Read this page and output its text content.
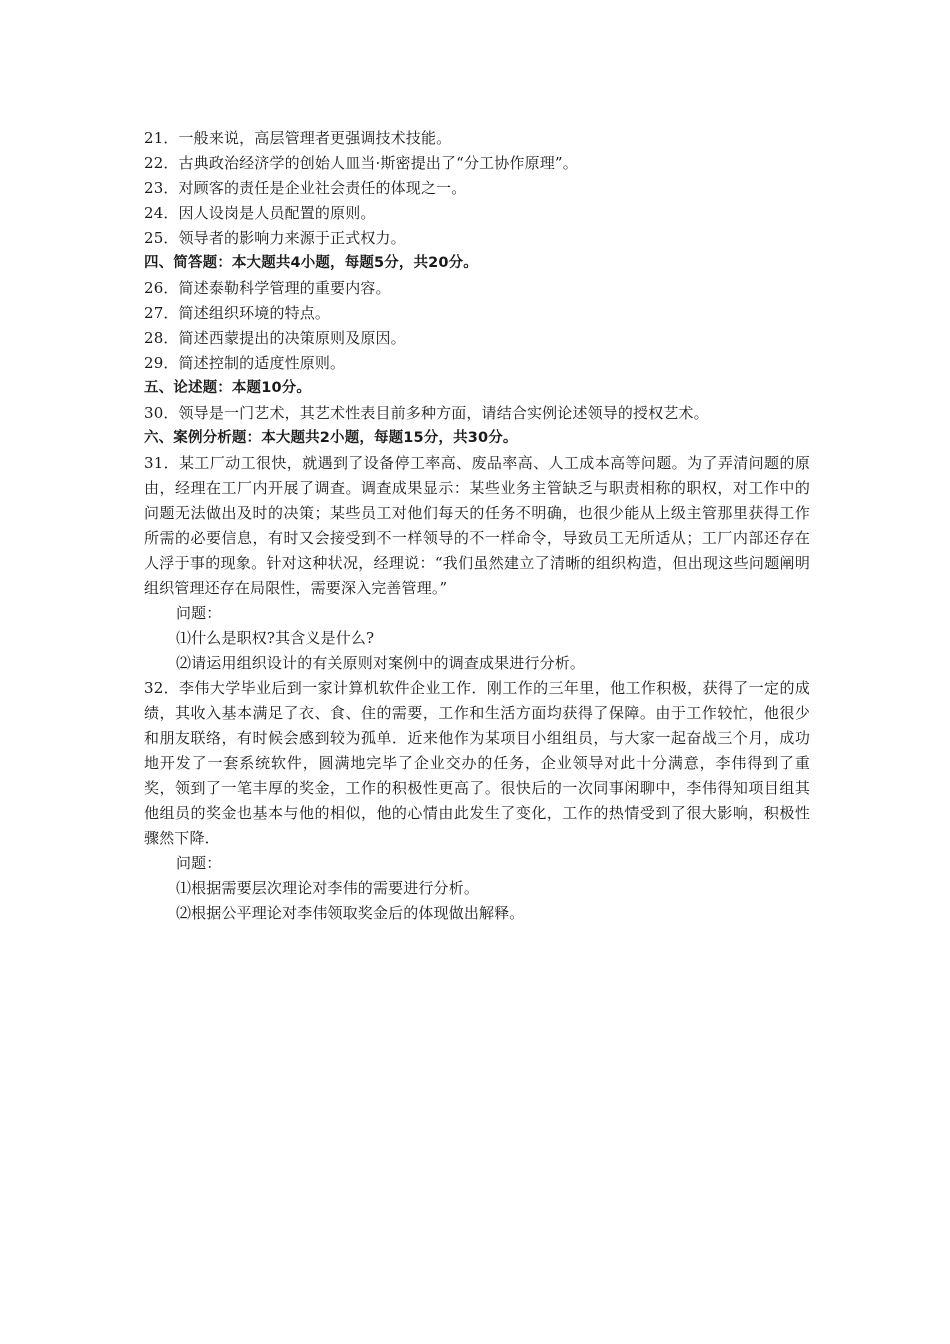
21．一般来说，高层管理者更强调技术技能。
22．古典政治经济学的创始人皿当·斯密提出了“分工协作原理”。
23．对顾客的责任是企业社会责任的体现之一。
24．因人设岗是人员配置的原则。
25．领导者的影响力来源于正式权力。
四、简答题：本大题共4小题，每题5分，共20分。
26．简述泰勒科学管理的重要内容。
27．简述组织环境的特点。
28．简述西蒙提出的决策原则及原因。
29．简述控制的适度性原则。
五、论述题：本题10分。
30．领导是一门艺术，其艺术性表目前多种方面，请结合实例论述领导的授权艺术。
六、案例分析题：本大题共2小题，每题15分，共30分。

31．某工厂动工很快，就遇到了设备停工率高、废品率高、人工成本高等问题。为了弄清问题的原由，经理在工厂内开展了调查。调查成果显示：某些业务主管缺乏与职责相称的职权，对工作中的问题无法做出及时的决策；某些员工对他们每天的任务不明确，也很少能从上级主管那里获得工作所需的必要信息，有时又会接受到不一样领导的不一样命令，导致员工无所适从；工厂内部还存在人浮于事的现象。针对这种状况，经理说：“我们虽然建立了清晰的组织构造，但出现这些问题阐明组织管理还存在局限性，需要深入完善管理。”

问题：
⑴什么是职权?其含义是什么?
⑵请运用组织设计的有关原则对案例中的调查成果进行分析。

32．李伟大学毕业后到一家计算机软件企业工作．刚工作的三年里，他工作积极，获得了一定的成绩，其收入基本满足了衣、食、住的需要，工作和生活方面均获得了保障。由于工作较忙，他很少和朋友联络，有时候会感到较为孤单．近来他作为某项目小组组员，与大家一起奋战三个月，成功地开发了一套系统软件，圆满地完毕了企业交办的任务，企业领导对此十分满意，李伟得到了重奖，领到了一笔丰厚的奖金，工作的积极性更高了。很快后的一次同事闲聊中，李伟得知项目组其他组员的奖金也基本与他的相似，他的心情由此发生了变化，工作的热情受到了很大影响，积极性骤然下降．

问题：
⑴根据需要层次理论对李伟的需要进行分析。
⑵根据公平理论对李伟领取奖金后的体现做出解释。
